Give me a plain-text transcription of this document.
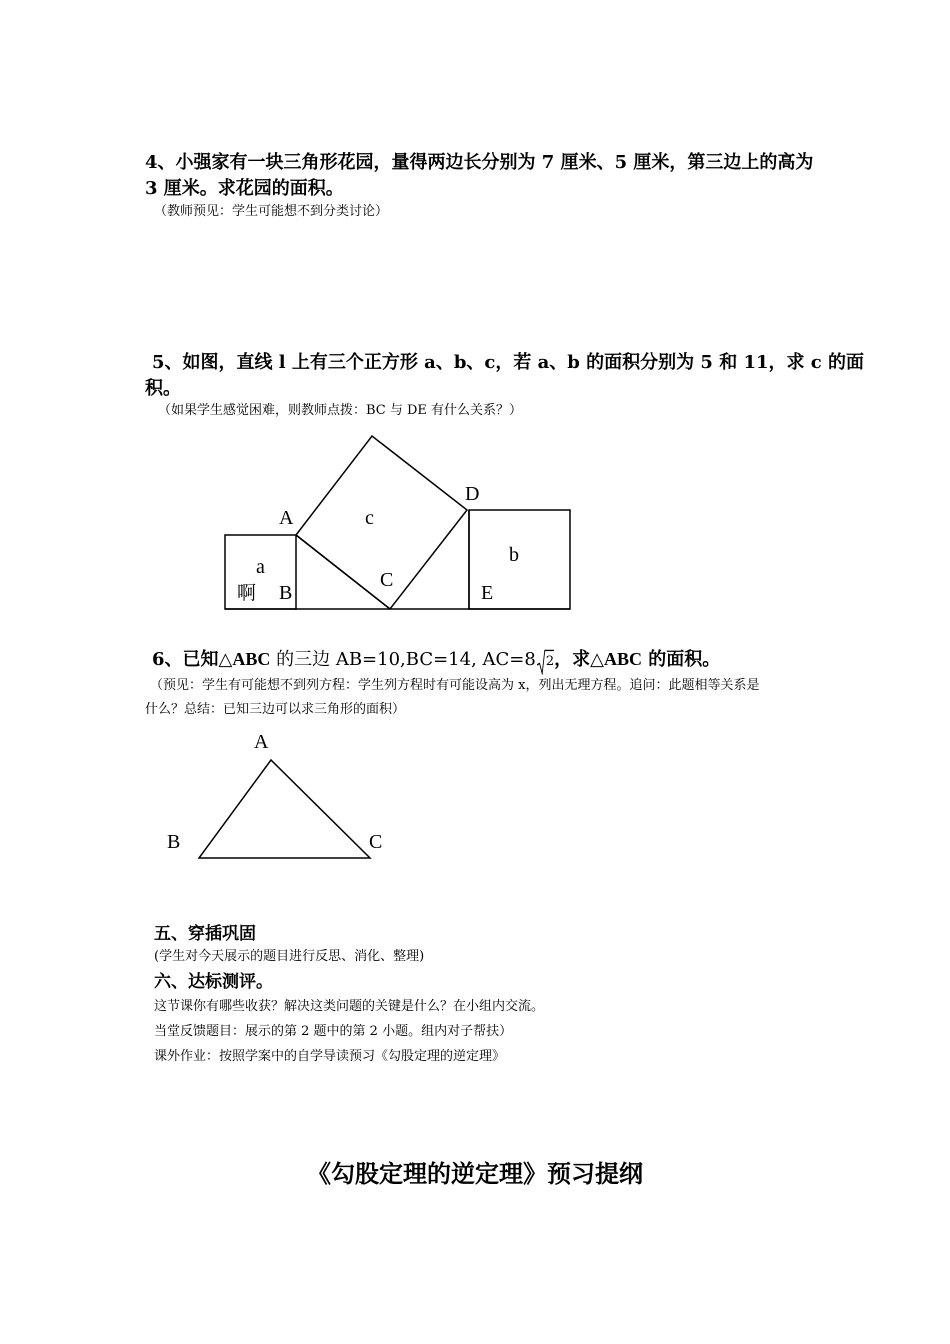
4、小强家有一块三角形花园，量得两边长分别为 7 厘米、5 厘米，第三边上的高为
3 厘米。求花园的面积。
（教师预见：学生可能想不到分类讨论）
5、如图，直线 l 上有三个正方形 a、b、c，若 a、b 的面积分别为 5 和 11，求 c 的面
积。
（如果学生感觉困难，则教师点拨：BC 与 DE 有什么关系？）
A	c
D
b
a
啊 B
C
E
A
B	C
6、已知△ABC 的三边 AB=10,BC=14, AC=8 2，求△ABC 的面积。
（预见：学生有可能想不到列方程：学生列方程时有可能设高为 x，列出无理方程。追问：此题相等关系是
什么？总结：已知三边可以求三角形的面积）
五、穿插巩固
(学生对今天展示的题目进行反思、消化、整理)
六、达标测评。
这节课你有哪些收获？解决这类问题的关键是什么？在小组内交流。
当堂反馈题目：展示的第 2 题中的第 2 小题。组内对子帮扶）
课外作业：按照学案中的自学导读预习《勾股定理的逆定理》
《勾股定理的逆定理》预习提纲
